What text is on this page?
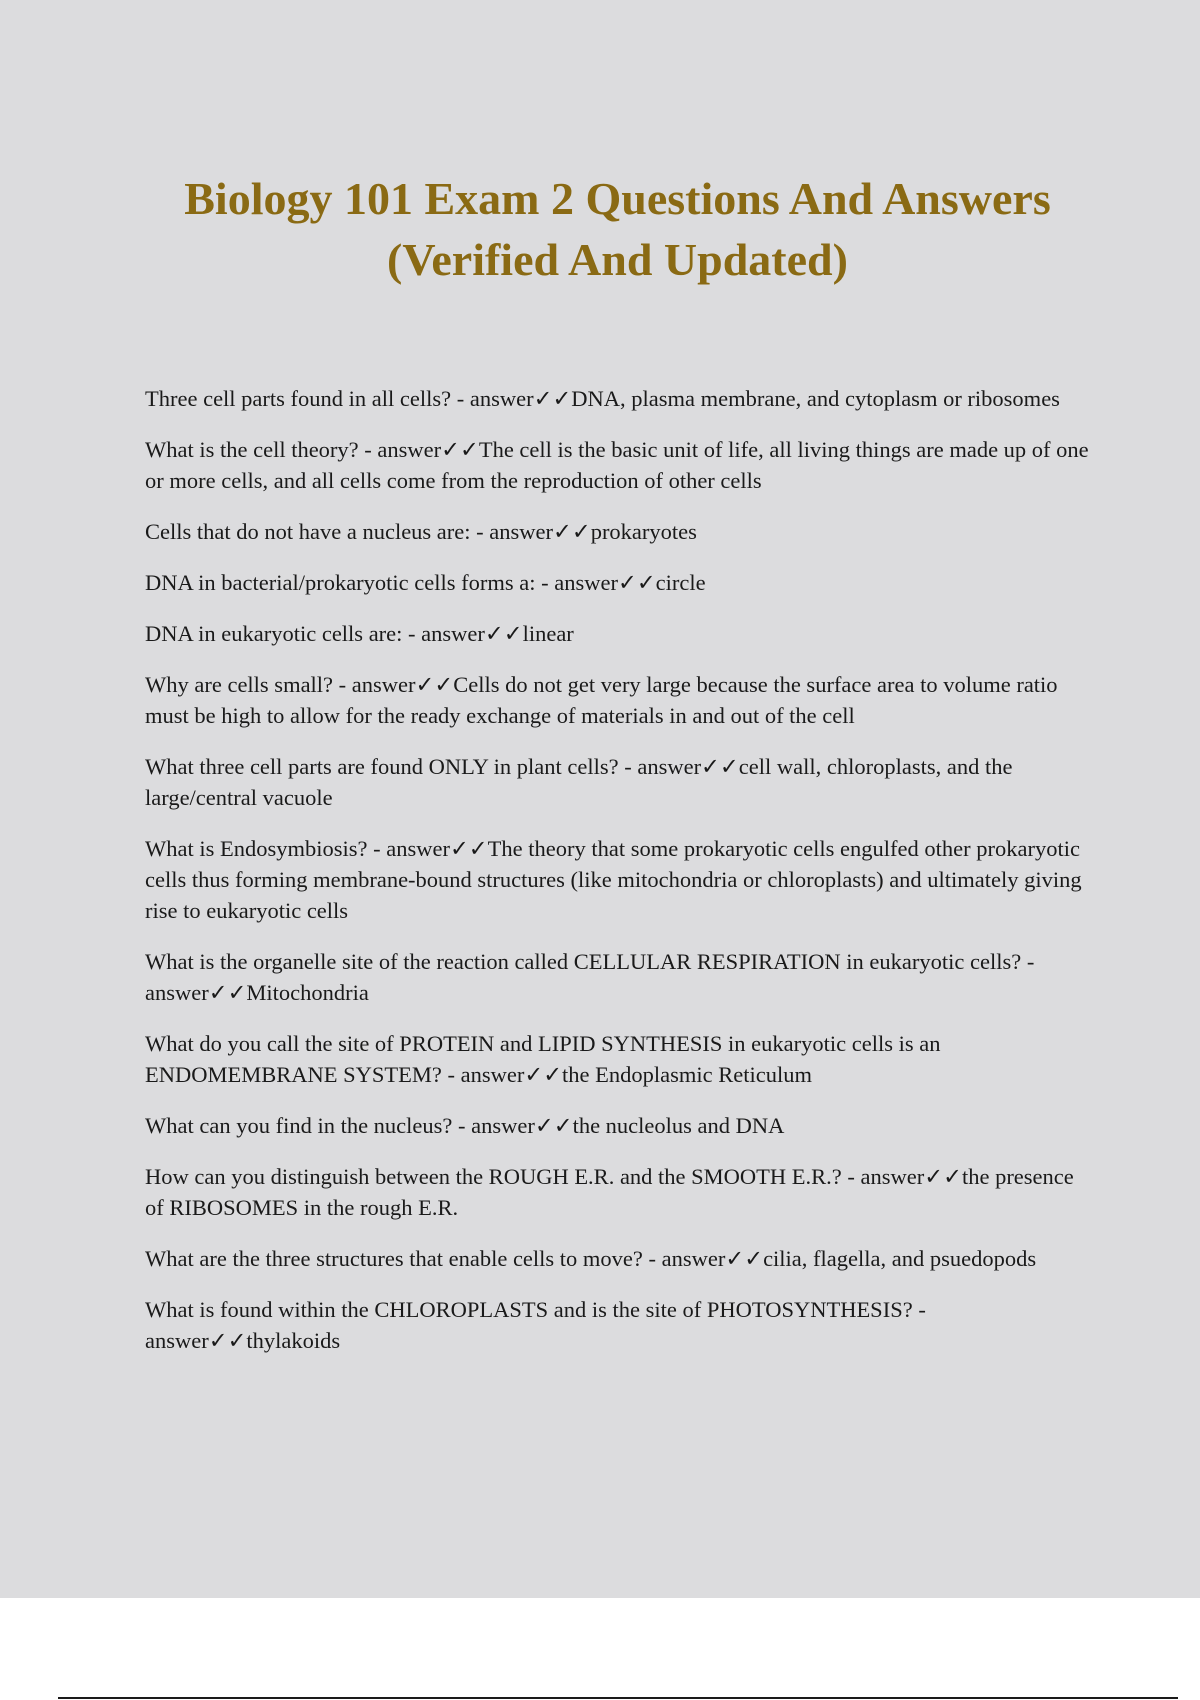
Biology 101 Exam 2 Questions And Answers
(Verified And Updated)

Three cell parts found in all cells? - answer✓✓DNA, plasma membrane, and cytoplasm or ribosomes

What is the cell theory? - answer✓✓The cell is the basic unit of life, all living things are made up of one or more cells, and all cells come from the reproduction of other cells

Cells that do not have a nucleus are: - answer✓✓prokaryotes

DNA in bacterial/prokaryotic cells forms a: - answer✓✓circle

DNA in eukaryotic cells are: - answer✓✓linear

Why are cells small? - answer✓✓Cells do not get very large because the surface area to volume ratio must be high to allow for the ready exchange of materials in and out of the cell

What three cell parts are found ONLY in plant cells? - answer✓✓cell wall, chloroplasts, and the large/central vacuole

What is Endosymbiosis? - answer✓✓The theory that some prokaryotic cells engulfed other prokaryotic cells thus forming membrane-bound structures (like mitochondria or chloroplasts) and ultimately giving rise to eukaryotic cells

What is the organelle site of the reaction called CELLULAR RESPIRATION in eukaryotic cells? - answer✓✓Mitochondria

What do you call the site of PROTEIN and LIPID SYNTHESIS in eukaryotic cells is an ENDOMEMBRANE SYSTEM? - answer✓✓the Endoplasmic Reticulum

What can you find in the nucleus? - answer✓✓the nucleolus and DNA

How can you distinguish between the ROUGH E.R. and the SMOOTH E.R.? - answer✓✓the presence of RIBOSOMES in the rough E.R.

What are the three structures that enable cells to move? - answer✓✓cilia, flagella, and psuedopods

What is found within the CHLOROPLASTS and is the site of PHOTOSYNTHESIS? - answer✓✓thylakoids
